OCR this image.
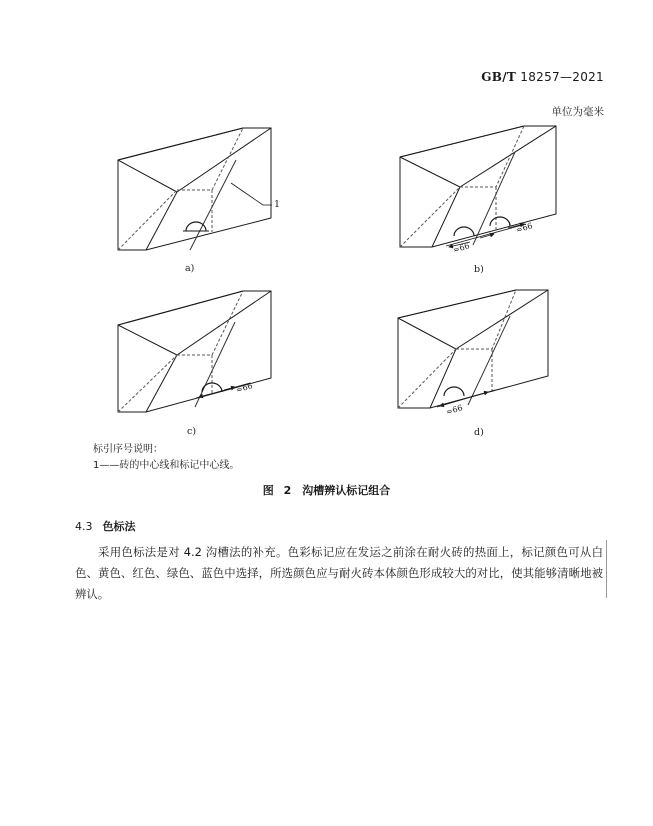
GB/T 18257—2021
单位为毫米
1
a)
≈66
≈66
b)
≈66
c)
≈66
d)
标引序号说明：
1——砖的中心线和标记中心线。
图 2　沟槽辨认标记组合
4.3 色标法
采用色标法是对 4.2 沟槽法的补充。色彩标记应在发运之前涂在耐火砖的热面上，标记颜色可从白色、黄色、红色、绿色、蓝色中选择，所选颜色应与耐火砖本体颜色形成较大的对比，使其能够清晰地被辨认。
